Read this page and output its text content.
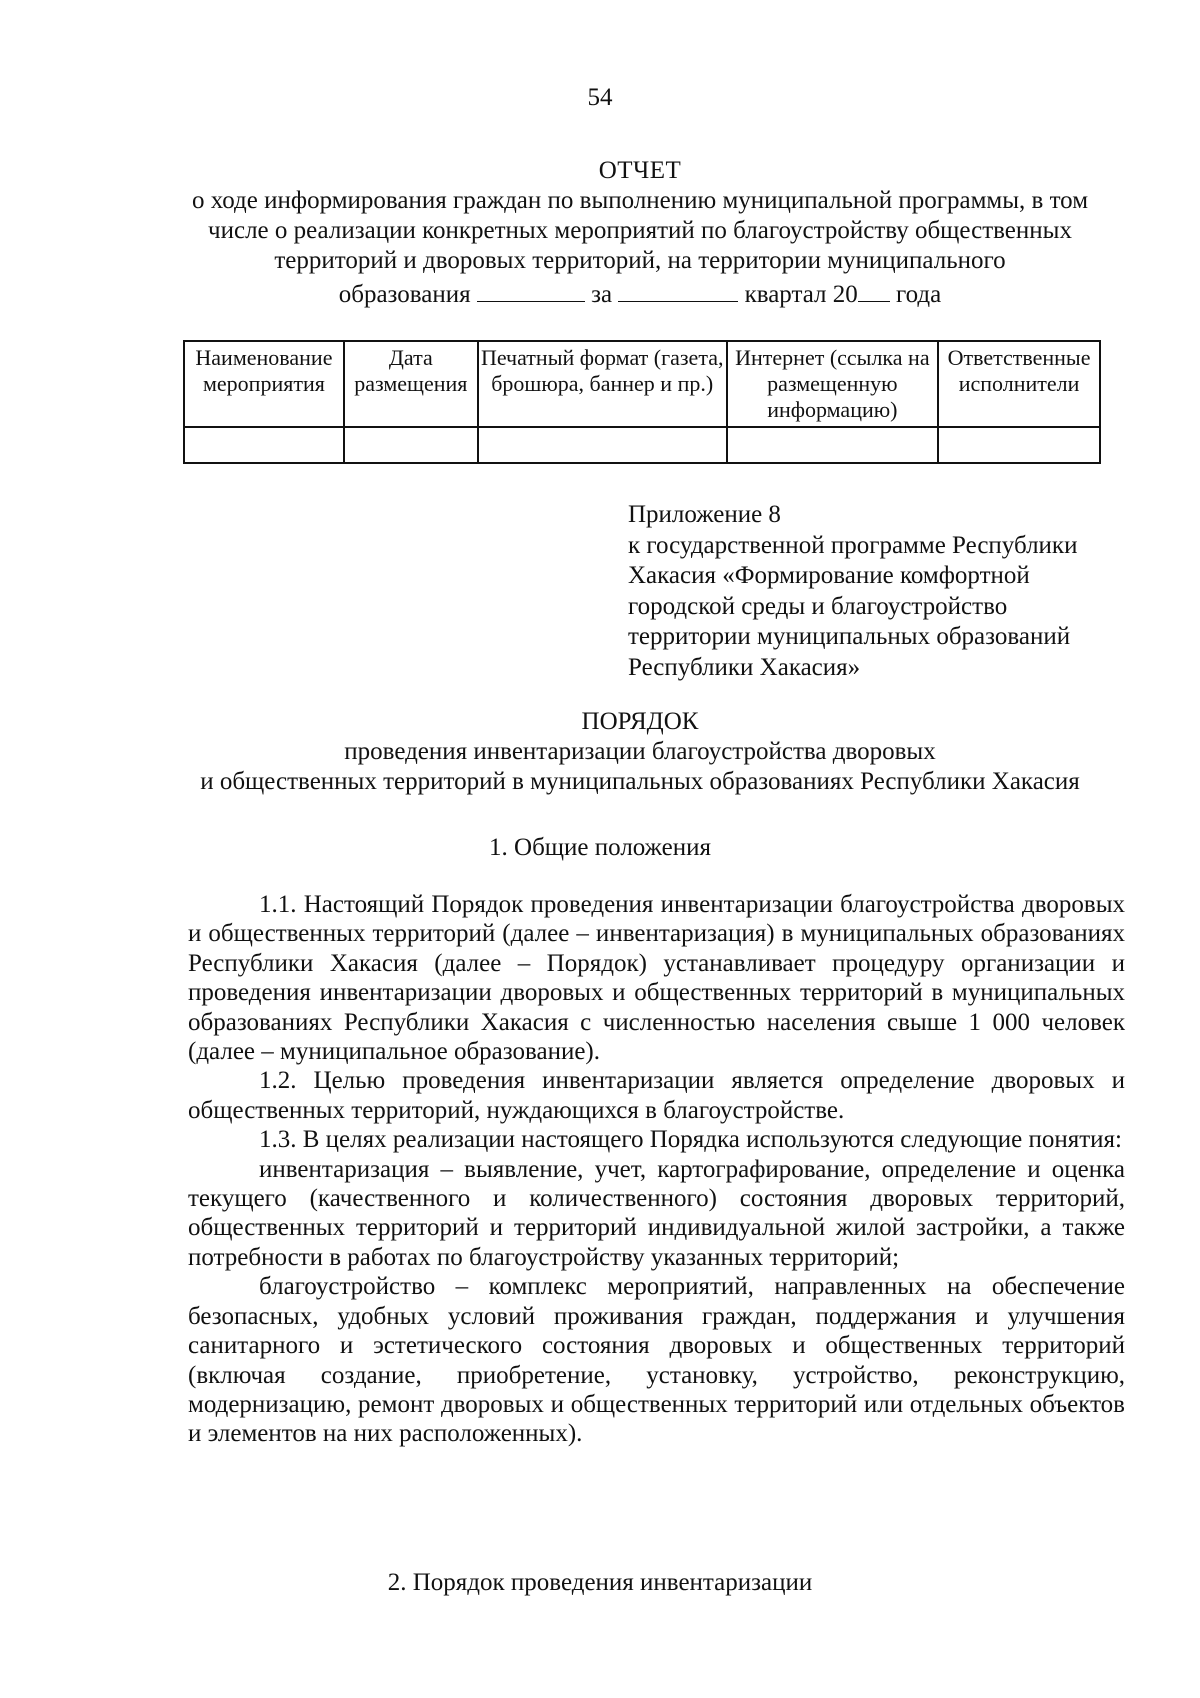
54
ОТЧЕТ
о ходе информирования граждан по выполнению муниципальной программы, в том
числе о реализации конкретных мероприятий по благоустройству общественных
территорий и дворовых территорий, на территории муниципального
образования	за	квартал 20 года
Наименование мероприятия	Дата размещения	Печатный формат (газета, брошюра, баннер и пр.)	Интернет (ссылка на размещенную информацию)	Ответственные исполнители

Приложение 8
к государственной программе Республики
Хакасия «Формирование комфортной
городской среды и благоустройство
территории муниципальных образований
Республики Хакасия»
ПОРЯДОК
проведения инвентаризации благоустройства дворовых
и общественных территорий в муниципальных образованиях Республики Хакасия
1. Общие положения

1.1. Настоящий Порядок проведения инвентаризации благоустройства дворовых и общественных территорий (далее – инвентаризация) в муниципальных образованиях Республики Хакасия (далее – Порядок) устанавливает процедуру организации и проведения инвентаризации дворовых и общественных территорий в муниципальных образованиях Республики Хакасия с численностью населения свыше 1 000 человек (далее – муниципальное образование).

1.2. Целью проведения инвентаризации является определение дворовых и общественных территорий, нуждающихся в благоустройстве.

1.3. В целях реализации настоящего Порядка используются следующие понятия:

инвентаризация – выявление, учет, картографирование, определение и оценка текущего (качественного и количественного) состояния дворовых территорий, общественных территорий и территорий индивидуальной жилой застройки, а также потребности в работах по благоустройству указанных территорий;

благоустройство – комплекс мероприятий, направленных на обеспечение безопасных, удобных условий проживания граждан, поддержания и улучшения санитарного и эстетического состояния дворовых и общественных территорий (включая создание, приобретение, установку, устройство, реконструкцию, модернизацию, ремонт дворовых и общественных территорий или отдельных объектов и элементов на них расположенных).

2. Порядок проведения инвентаризации
